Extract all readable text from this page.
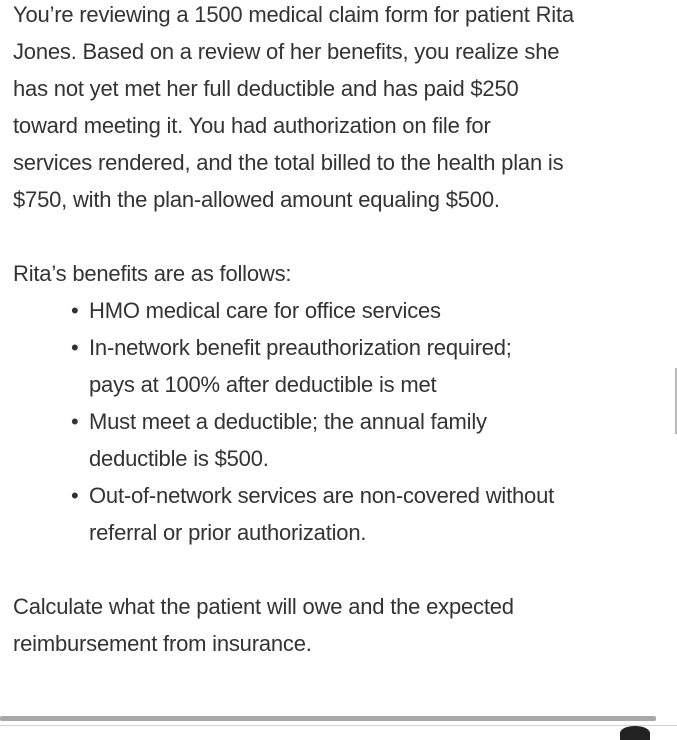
You’re reviewing a 1500 medical claim form for patient Rita
Jones. Based on a review of her benefits, you realize she
has not yet met her full deductible and has paid $250
toward meeting it. You had authorization on file for
services rendered, and the total billed to the health plan is
$750, with the plan-allowed amount equaling $500.

Rita’s benefits are as follows:

• HMO medical care for office services
• In-network benefit preauthorization required; pays at 100% after deductible is met
• Must meet a deductible; the annual family deductible is $500.
• Out-of-network services are non-covered without referral or prior authorization.

Calculate what the patient will owe and the expected
reimbursement from insurance.
